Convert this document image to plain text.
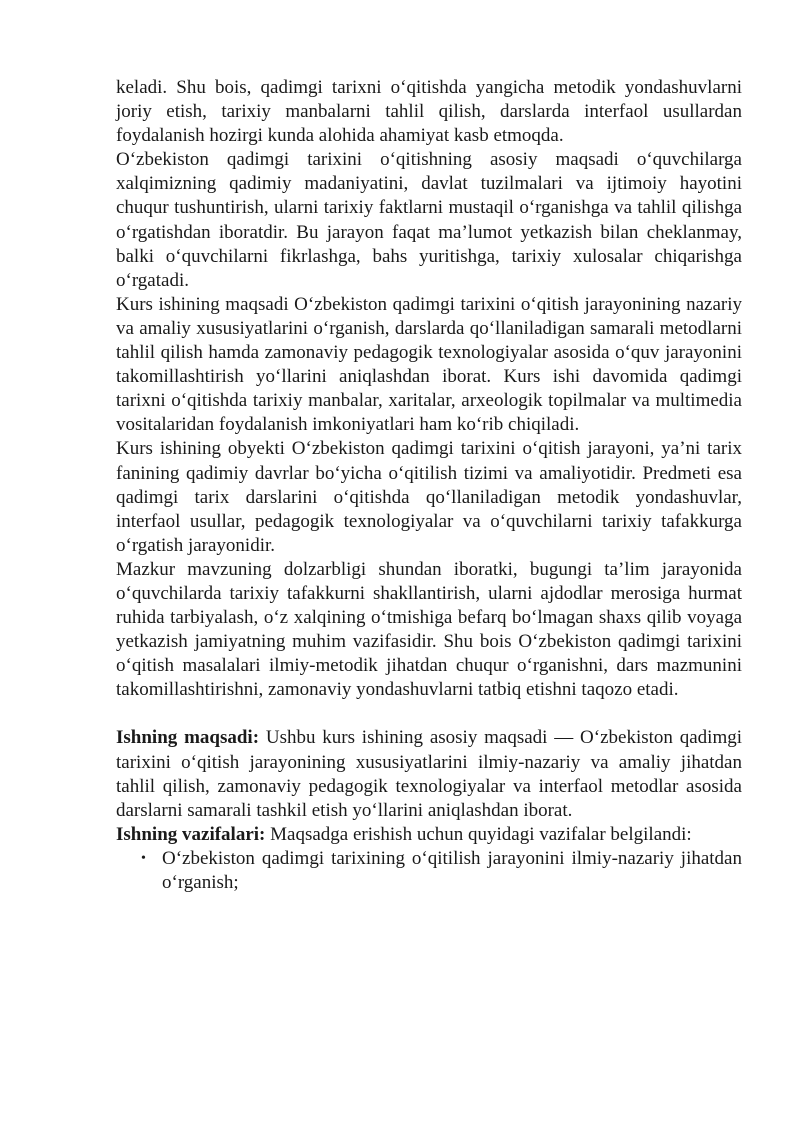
keladi. Shu bois, qadimgi tarixni o‘qitishda yangicha metodik yondashuvlarni joriy etish, tarixiy manbalarni tahlil qilish, darslarda interfaol usullardan foydalanish hozirgi kunda alohida ahamiyat kasb etmoqda.

O‘zbekiston qadimgi tarixini o‘qitishning asosiy maqsadi o‘quvchilarga xalqimizning qadimiy madaniyatini, davlat tuzilmalari va ijtimoiy hayotini chuqur tushuntirish, ularni tarixiy faktlarni mustaqil o‘rganishga va tahlil qilishga o‘rgatishdan iboratdir. Bu jarayon faqat ma’lumot yetkazish bilan cheklanmay, balki o‘quvchilarni fikrlashga, bahs yuritishga, tarixiy xulosalar chiqarishga o‘rgatadi.

Kurs ishining maqsadi O‘zbekiston qadimgi tarixini o‘qitish jarayonining nazariy va amaliy xususiyatlarini o‘rganish, darslarda qo‘llaniladigan samarali metodlarni tahlil qilish hamda zamonaviy pedagogik texnologiyalar asosida o‘quv jarayonini takomillashtirish yo‘llarini aniqlashdan iborat. Kurs ishi davomida qadimgi tarixni o‘qitishda tarixiy manbalar, xaritalar, arxeologik topilmalar va multimedia vositalaridan foydalanish imkoniyatlari ham ko‘rib chiqiladi.

Kurs ishining obyekti O‘zbekiston qadimgi tarixini o‘qitish jarayoni, ya’ni tarix fanining qadimiy davrlar bo‘yicha o‘qitilish tizimi va amaliyotidir. Predmeti esa qadimgi tarix darslarini o‘qitishda qo‘llaniladigan metodik yondashuvlar, interfaol usullar, pedagogik texnologiyalar va o‘quvchilarni tarixiy tafakkurga o‘rgatish jarayonidir.

Mazkur mavzuning dolzarbligi shundan iboratki, bugungi ta’lim jarayonida o‘quvchilarda tarixiy tafakkurni shakllantirish, ularni ajdodlar merosiga hurmat ruhida tarbiyalash, o‘z xalqining o‘tmishiga befarq bo‘lmagan shaxs qilib voyaga yetkazish jamiyatning muhim vazifasidir. Shu bois O‘zbekiston qadimgi tarixini o‘qitish masalalari ilmiy-metodik jihatdan chuqur o‘rganishni, dars mazmunini takomillashtirishni, zamonaviy yondashuvlarni tatbiq etishni taqozo etadi.

Ishning maqsadi: Ushbu kurs ishining asosiy maqsadi — O‘zbekiston qadimgi tarixini o‘qitish jarayonining xususiyatlarini ilmiy-nazariy va amaliy jihatdan tahlil qilish, zamonaviy pedagogik texnologiyalar va interfaol metodlar asosida darslarni samarali tashkil etish yo‘llarini aniqlashdan iborat.

Ishning vazifalari: Maqsadga erishish uchun quyidagi vazifalar belgilandi:

• O‘zbekiston qadimgi tarixining o‘qitilish jarayonini ilmiy-nazariy jihatdan o‘rganish;
